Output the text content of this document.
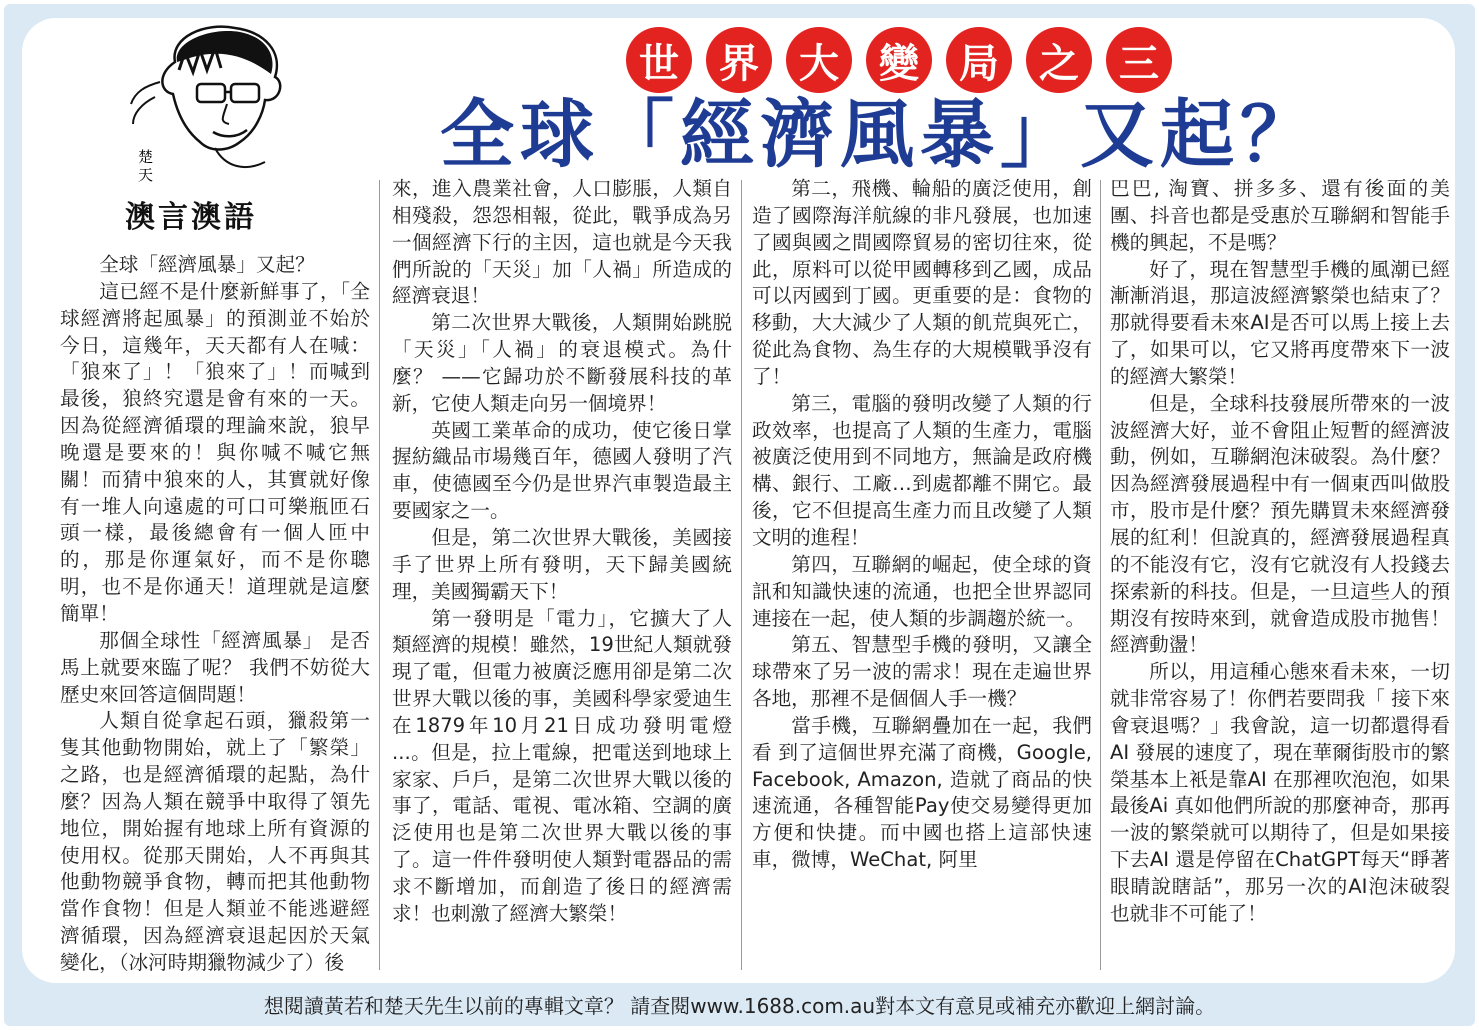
楚天
澳言澳語
世	界	大	變	局	之	三
全球「經濟風暴」又起？

全球「經濟風暴」又起？

這已經不是什麼新鮮事了，「全球經濟將起風暴」的預測並不始於今日，這幾年，天天都有人在喊：「狼來了」！「狼來了」！而喊到最後，狼終究還是會有來的一天。因為從經濟循環的理論來說，狼早晚還是要來的！與你喊不喊它無關！而猜中狼來的人，其實就好像有一堆人向遠處的可口可樂瓶匝石頭一樣，最後總會有一個人匝中的，那是你運氣好，而不是你聰明，也不是你通天！道理就是這麼簡單！

那個全球性「經濟風暴」 是否馬上就要來臨了呢？ 我們不妨從大歷史來回答這個問題！

人類自從拿起石頭，獵殺第一隻其他動物開始，就上了「繁榮」之路，也是經濟循環的起點，為什麼？因為人類在競爭中取得了領先地位，開始握有地球上所有資源的使用权。從那天開始，人不再與其他動物競爭食物，轉而把其他動物當作食物！但是人類並不能逃避經濟循環，因為經濟衰退起因於天氣變化，（冰河時期獵物減少了）後

來，進入農業社會，人口膨脹，人類自相殘殺，怨怨相報，從此，戰爭成為另一個經濟下行的主因，這也就是今天我們所說的「天災」加「人禍」所造成的經濟衰退！

第二次世界大戰後，人類開始跳脱「天災」「人禍」的衰退模式。為什麼？ ——它歸功於不斷發展科技的革新，它使人類走向另一個境界！

英國工業革命的成功，使它後日掌握紡織品市場幾百年，德國人發明了汽車，使德國至今仍是世界汽車製造最主要國家之一。

但是，第二次世界大戰後，美國接手了世界上所有發明，天下歸美國統理，美國獨霸天下！

第一發明是「電力」，它擴大了人類經濟的規模！雖然，19世紀人類就發現了電，但電力被廣泛應用卻是第二次世界大戰以後的事，美國科學家愛迪生在1879年10月21日成功發明電燈 ...。但是，拉上電線，把電送到地球上家家、戶戶，是第二次世界大戰以後的事了，電話、電視、電冰箱、空調的廣泛使用也是第二次世界大戰以後的事了。這一件件發明使人類對電器品的需求不斷增加，而創造了後日的經濟需求！也刺激了經濟大繁榮！

第二，飛機、輪船的廣泛使用，創造了國際海洋航線的非凡發展，也加速了國與國之間國際貿易的密切往來，從此，原料可以從甲國轉移到乙國，成品可以丙國到丁國。更重要的是：食物的移動，大大減少了人類的飢荒與死亡，從此為食物、為生存的大規模戰爭沒有了！

第三，電腦的發明改變了人類的行政效率，也提高了人類的生產力，電腦被廣泛使用到不同地方，無論是政府機構、銀行、工廠…到處都離不開它。最後，它不但提高生產力而且改變了人類文明的進程！

第四，互聯網的崛起，使全球的資訊和知識快速的流通，也把全世界認同連接在一起，使人類的步調趨於統一。

第五、智慧型手機的發明，又讓全球帶來了另一波的需求！現在走遍世界各地，那裡不是個個人手一機？

當手機，互聯網疊加在一起，我們看 到了這個世界充滿了商機，Google, Facebook, Amazon, 造就了商品的快速流通，各種智能Pay使交易變得更加方便和快捷。而中國也搭上這部快速車，微博，WeChat, 阿里

巴巴, 淘寶、拼多多、還有後面的美團、抖音也都是受惠於互聯網和智能手機的興起，不是嗎？

好了，現在智慧型手機的風潮已經漸漸消退，那這波經濟繁榮也結束了？那就得要看未來AI是否可以馬上接上去了，如果可以，它又將再度帶來下一波的經濟大繁榮！

但是，全球科技發展所帶來的一波波經濟大好，並不會阻止短暫的經濟波動，例如，互聯網泡沫破裂。為什麼？因為經濟發展過程中有一個東西叫做股市，股市是什麼？預先購買未來經濟發展的紅利！但說真的，經濟發展過程真的不能沒有它，沒有它就沒有人投錢去探索新的科技。但是，一旦這些人的預期沒有按時來到，就會造成股市拋售！經濟動盪！

所以，用這種心態來看未來，一切就非常容易了！你們若要問我「 接下來會衰退嗎？」我會說，這一切都還得看AI 發展的速度了，現在華爾街股市的繁榮基本上衹是靠AI 在那裡吹泡泡，如果最後Ai 真如他們所說的那麼神奇，那再一波的繁榮就可以期待了，但是如果接下去AI 還是停留在ChatGPT每天“睜著眼睛說瞎話”，那另一次的AI泡沫破裂也就非不可能了！

想閱讀黃若和楚天先生以前的專輯文章？ 請查閱www.1688.com.au對本文有意見或補充亦歡迎上網討論。
